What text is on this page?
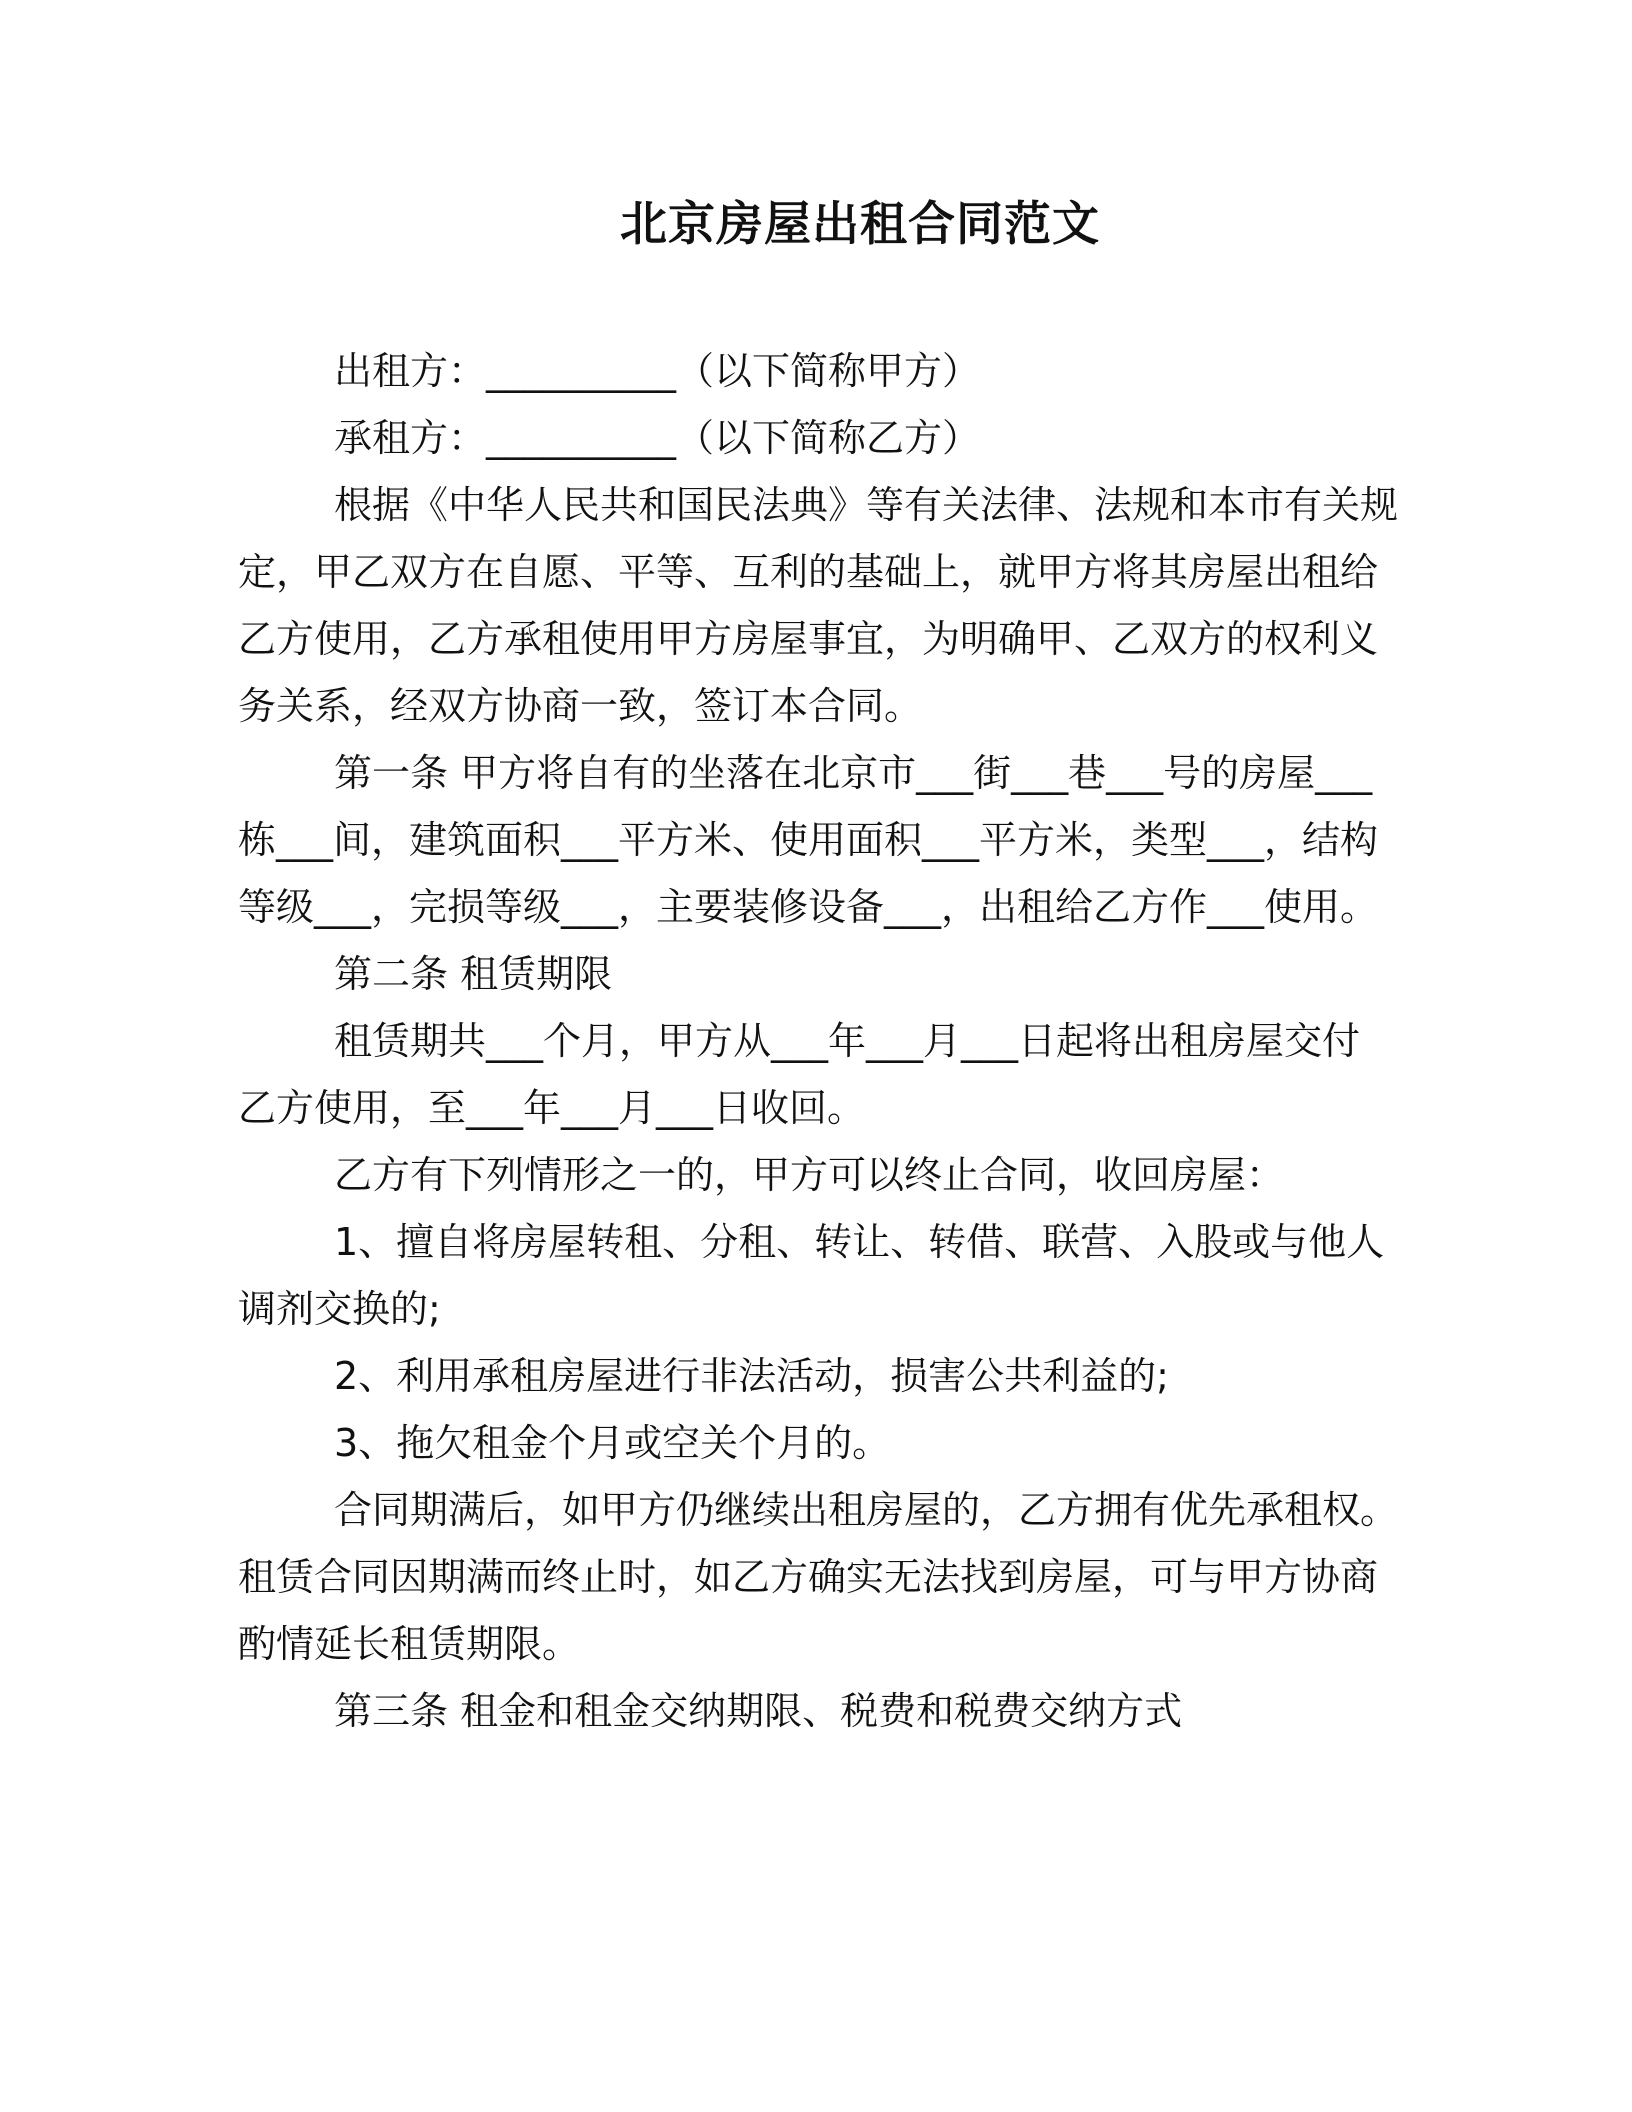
北京房屋出租合同范文
出租方：__________（以下简称甲方）
承租方：__________（以下简称乙方）
根据《中华人民共和国民法典》等有关法律、法规和本市有关规
定，甲乙双方在自愿、平等、互利的基础上，就甲方将其房屋出租给
乙方使用，乙方承租使用甲方房屋事宜，为明确甲、乙双方的权利义
务关系，经双方协商一致，签订本合同。
第一条 甲方将自有的坐落在北京市___街___巷___号的房屋___
栋___间，建筑面积___平方米、使用面积___平方米，类型___，结构
等级___，完损等级___，主要装修设备___，出租给乙方作___使用。
第二条 租赁期限
租赁期共___个月，甲方从___年___月___日起将出租房屋交付
乙方使用，至___年___月___日收回。
乙方有下列情形之一的，甲方可以终止合同，收回房屋：
1、擅自将房屋转租、分租、转让、转借、联营、入股或与他人
调剂交换的;
2、利用承租房屋进行非法活动，损害公共利益的;
3、拖欠租金个月或空关个月的。
合同期满后，如甲方仍继续出租房屋的，乙方拥有优先承租权。
租赁合同因期满而终止时，如乙方确实无法找到房屋，可与甲方协商
酌情延长租赁期限。
第三条 租金和租金交纳期限、税费和税费交纳方式
